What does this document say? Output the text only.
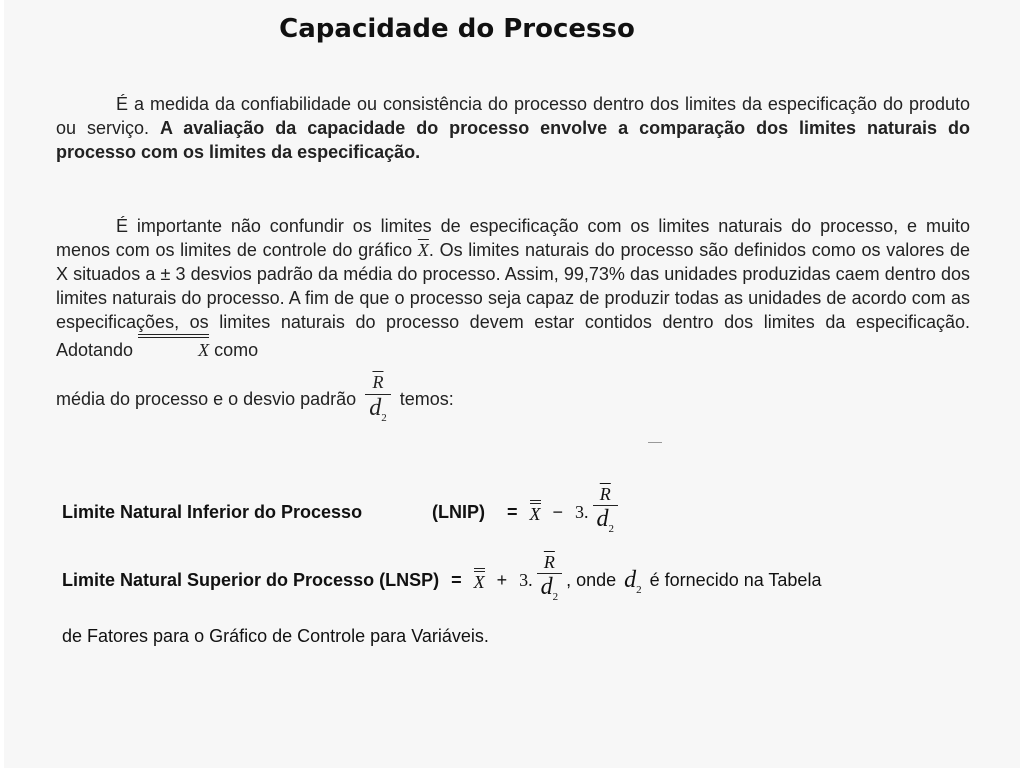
Capacidade do Processo

É a medida da confiabilidade ou consistência do processo dentro dos limites da especificação do produto ou serviço. A avaliação da capacidade do processo envolve a comparação dos limites naturais do processo com os limites da especificação.

É importante não confundir os limites de especificação com os limites naturais do processo, e muito menos com os limites de controle do gráfico $\overline{X}$. Os limites naturais do processo são definidos como os valores de X situados a ± 3 desvios padrão da média do processo. Assim, 99,73% das unidades produzidas caem dentro dos limites naturais do processo. A fim de que o processo seja capaz de produzir todas as unidades de acordo com as especificações, os limites naturais do processo devem estar contidos dentro dos limites da especificação. Adotando	X como

média do processo e o desvio padrão $\frac{\overline{R}}{d_2}$ temos:
Limite Natural Inferior do Processo	(LNIP) = X − 3. $\frac{\overline{R}}{d_2}$
Limite Natural Superior do Processo (LNSP) = X + 3. $\frac{\overline{R}}{d_2}$ , onde $d_2$ é fornecido na Tabela
de Fatores para o Gráfico de Controle para Variáveis.
